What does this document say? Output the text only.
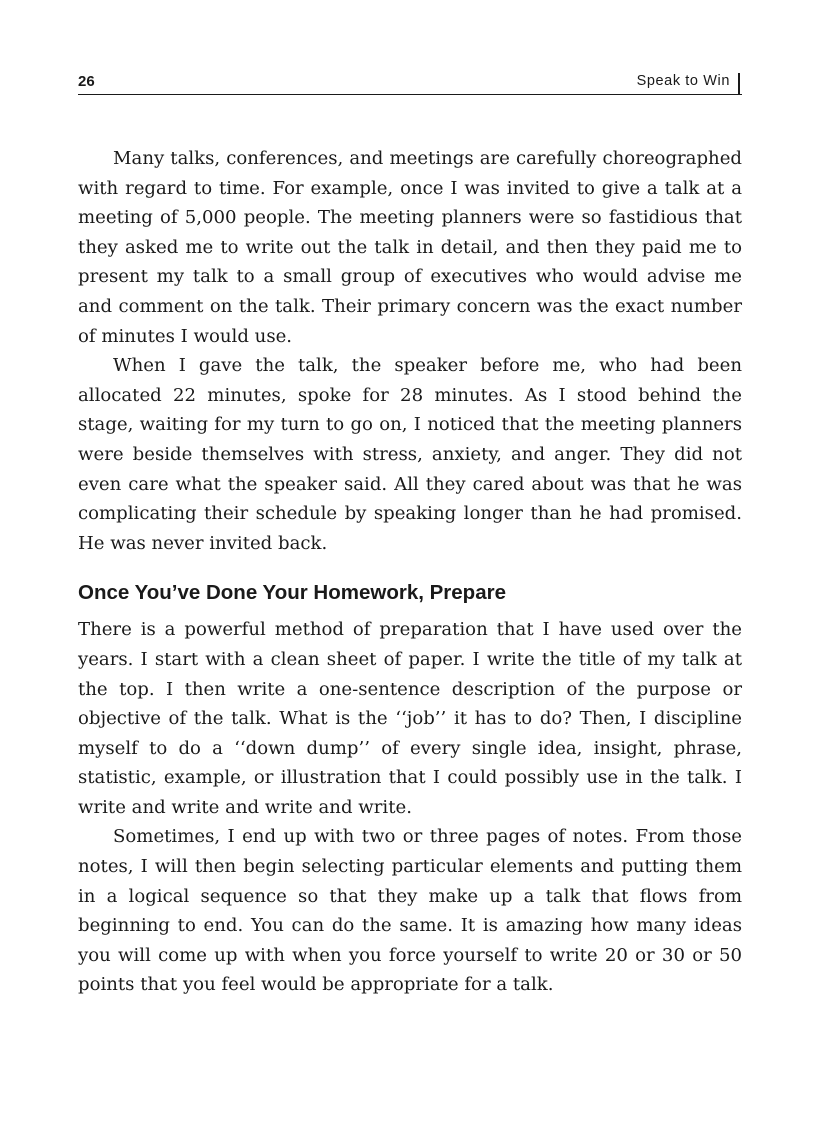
26	Speak to Win

Many talks, conferences, and meetings are carefully choreographed with regard to time. For example, once I was invited to give a talk at a meeting of 5,000 people. The meeting planners were so fastidious that they asked me to write out the talk in detail, and then they paid me to present my talk to a small group of executives who would advise me and comment on the talk. Their primary concern was the exact number of minutes I would use.

When I gave the talk, the speaker before me, who had been allocated 22 minutes, spoke for 28 minutes. As I stood behind the stage, waiting for my turn to go on, I noticed that the meeting planners were beside themselves with stress, anxiety, and anger. They did not even care what the speaker said. All they cared about was that he was complicating their schedule by speaking longer than he had promised. He was never invited back.

Once You’ve Done Your Homework, Prepare

There is a powerful method of preparation that I have used over the years. I start with a clean sheet of paper. I write the title of my talk at the top. I then write a one-sentence description of the purpose or objective of the talk. What is the ‘‘job’’ it has to do? Then, I discipline myself to do a ‘‘down dump’’ of every single idea, insight, phrase, statistic, example, or illustration that I could possibly use in the talk. I write and write and write and write.

Sometimes, I end up with two or three pages of notes. From those notes, I will then begin selecting particular elements and putting them in a logical sequence so that they make up a talk that flows from beginning to end. You can do the same. It is amazing how many ideas you will come up with when you force yourself to write 20 or 30 or 50 points that you feel would be appropriate for a talk.
